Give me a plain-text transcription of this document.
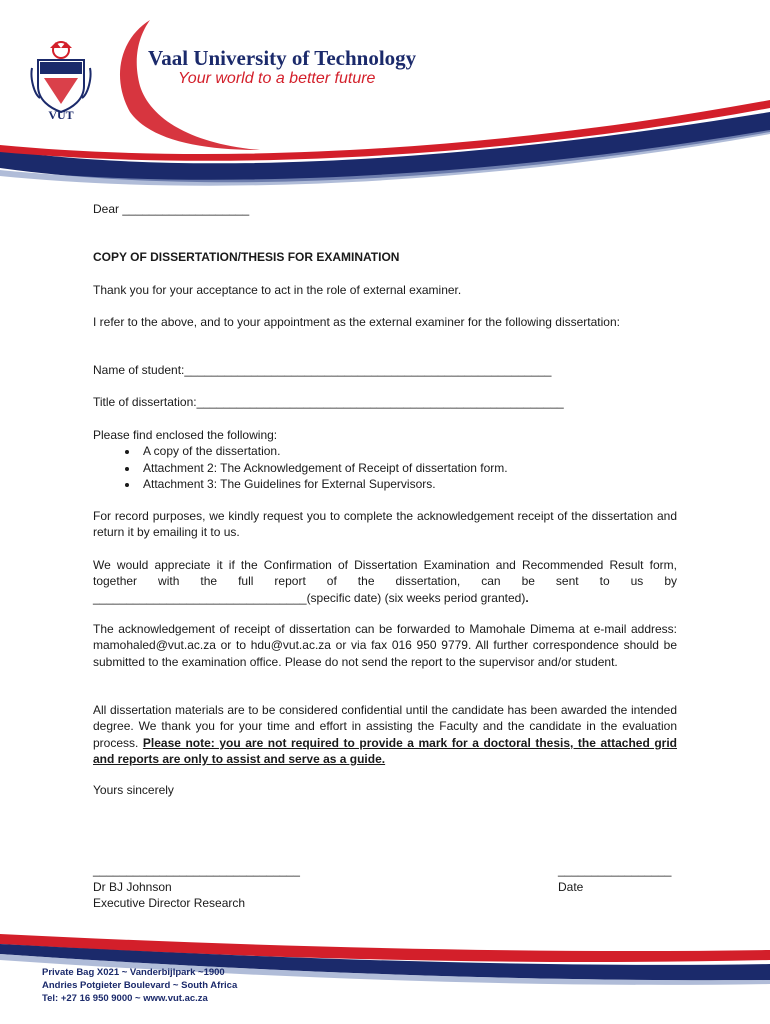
VUT
Vaal University of Technology
Your world to a better future
Dear ___________________
COPY OF DISSERTATION/THESIS FOR EXAMINATION
Thank you for your acceptance to act in the role of external examiner.
I refer to the above, and to your appointment as the external examiner for the following dissertation:
Name of student:_______________________________________________________
Title of dissertation:_______________________________________________________
Please find enclosed the following:
• A copy of the dissertation.
• Attachment 2: The Acknowledgement of Receipt of dissertation form.
• Attachment 3: The Guidelines for External Supervisors.
For record purposes, we kindly request you to complete the acknowledgement receipt of the dissertation and return it by emailing it to us.
We would appreciate it if the Confirmation of Dissertation Examination and Recommended Result form, together with the full report of the dissertation, can be sent to us by ________________________________(specific date) (six weeks period granted).
The acknowledgement of receipt of dissertation can be forwarded to Mamohale Dimema at e-mail address: mamohaled@vut.ac.za or to hdu@vut.ac.za or via fax 016 950 9779. All further correspondence should be submitted to the examination office. Please do not send the report to the supervisor and/or student.
All dissertation materials are to be considered confidential until the candidate has been awarded the intended degree. We thank you for your time and effort in assisting the Faculty and the candidate in the evaluation process. Please note: you are not required to provide a mark for a doctoral thesis, the attached grid and reports are only to assist and serve as a guide.
Yours sincerely
_______________________________
Dr BJ Johnson
Executive Director Research
_________________
Date
Private Bag X021 ~ Vanderbijlpark ~1900
Andries Potgieter Boulevard ~ South Africa
Tel: +27 16 950 9000 ~ www.vut.ac.za
